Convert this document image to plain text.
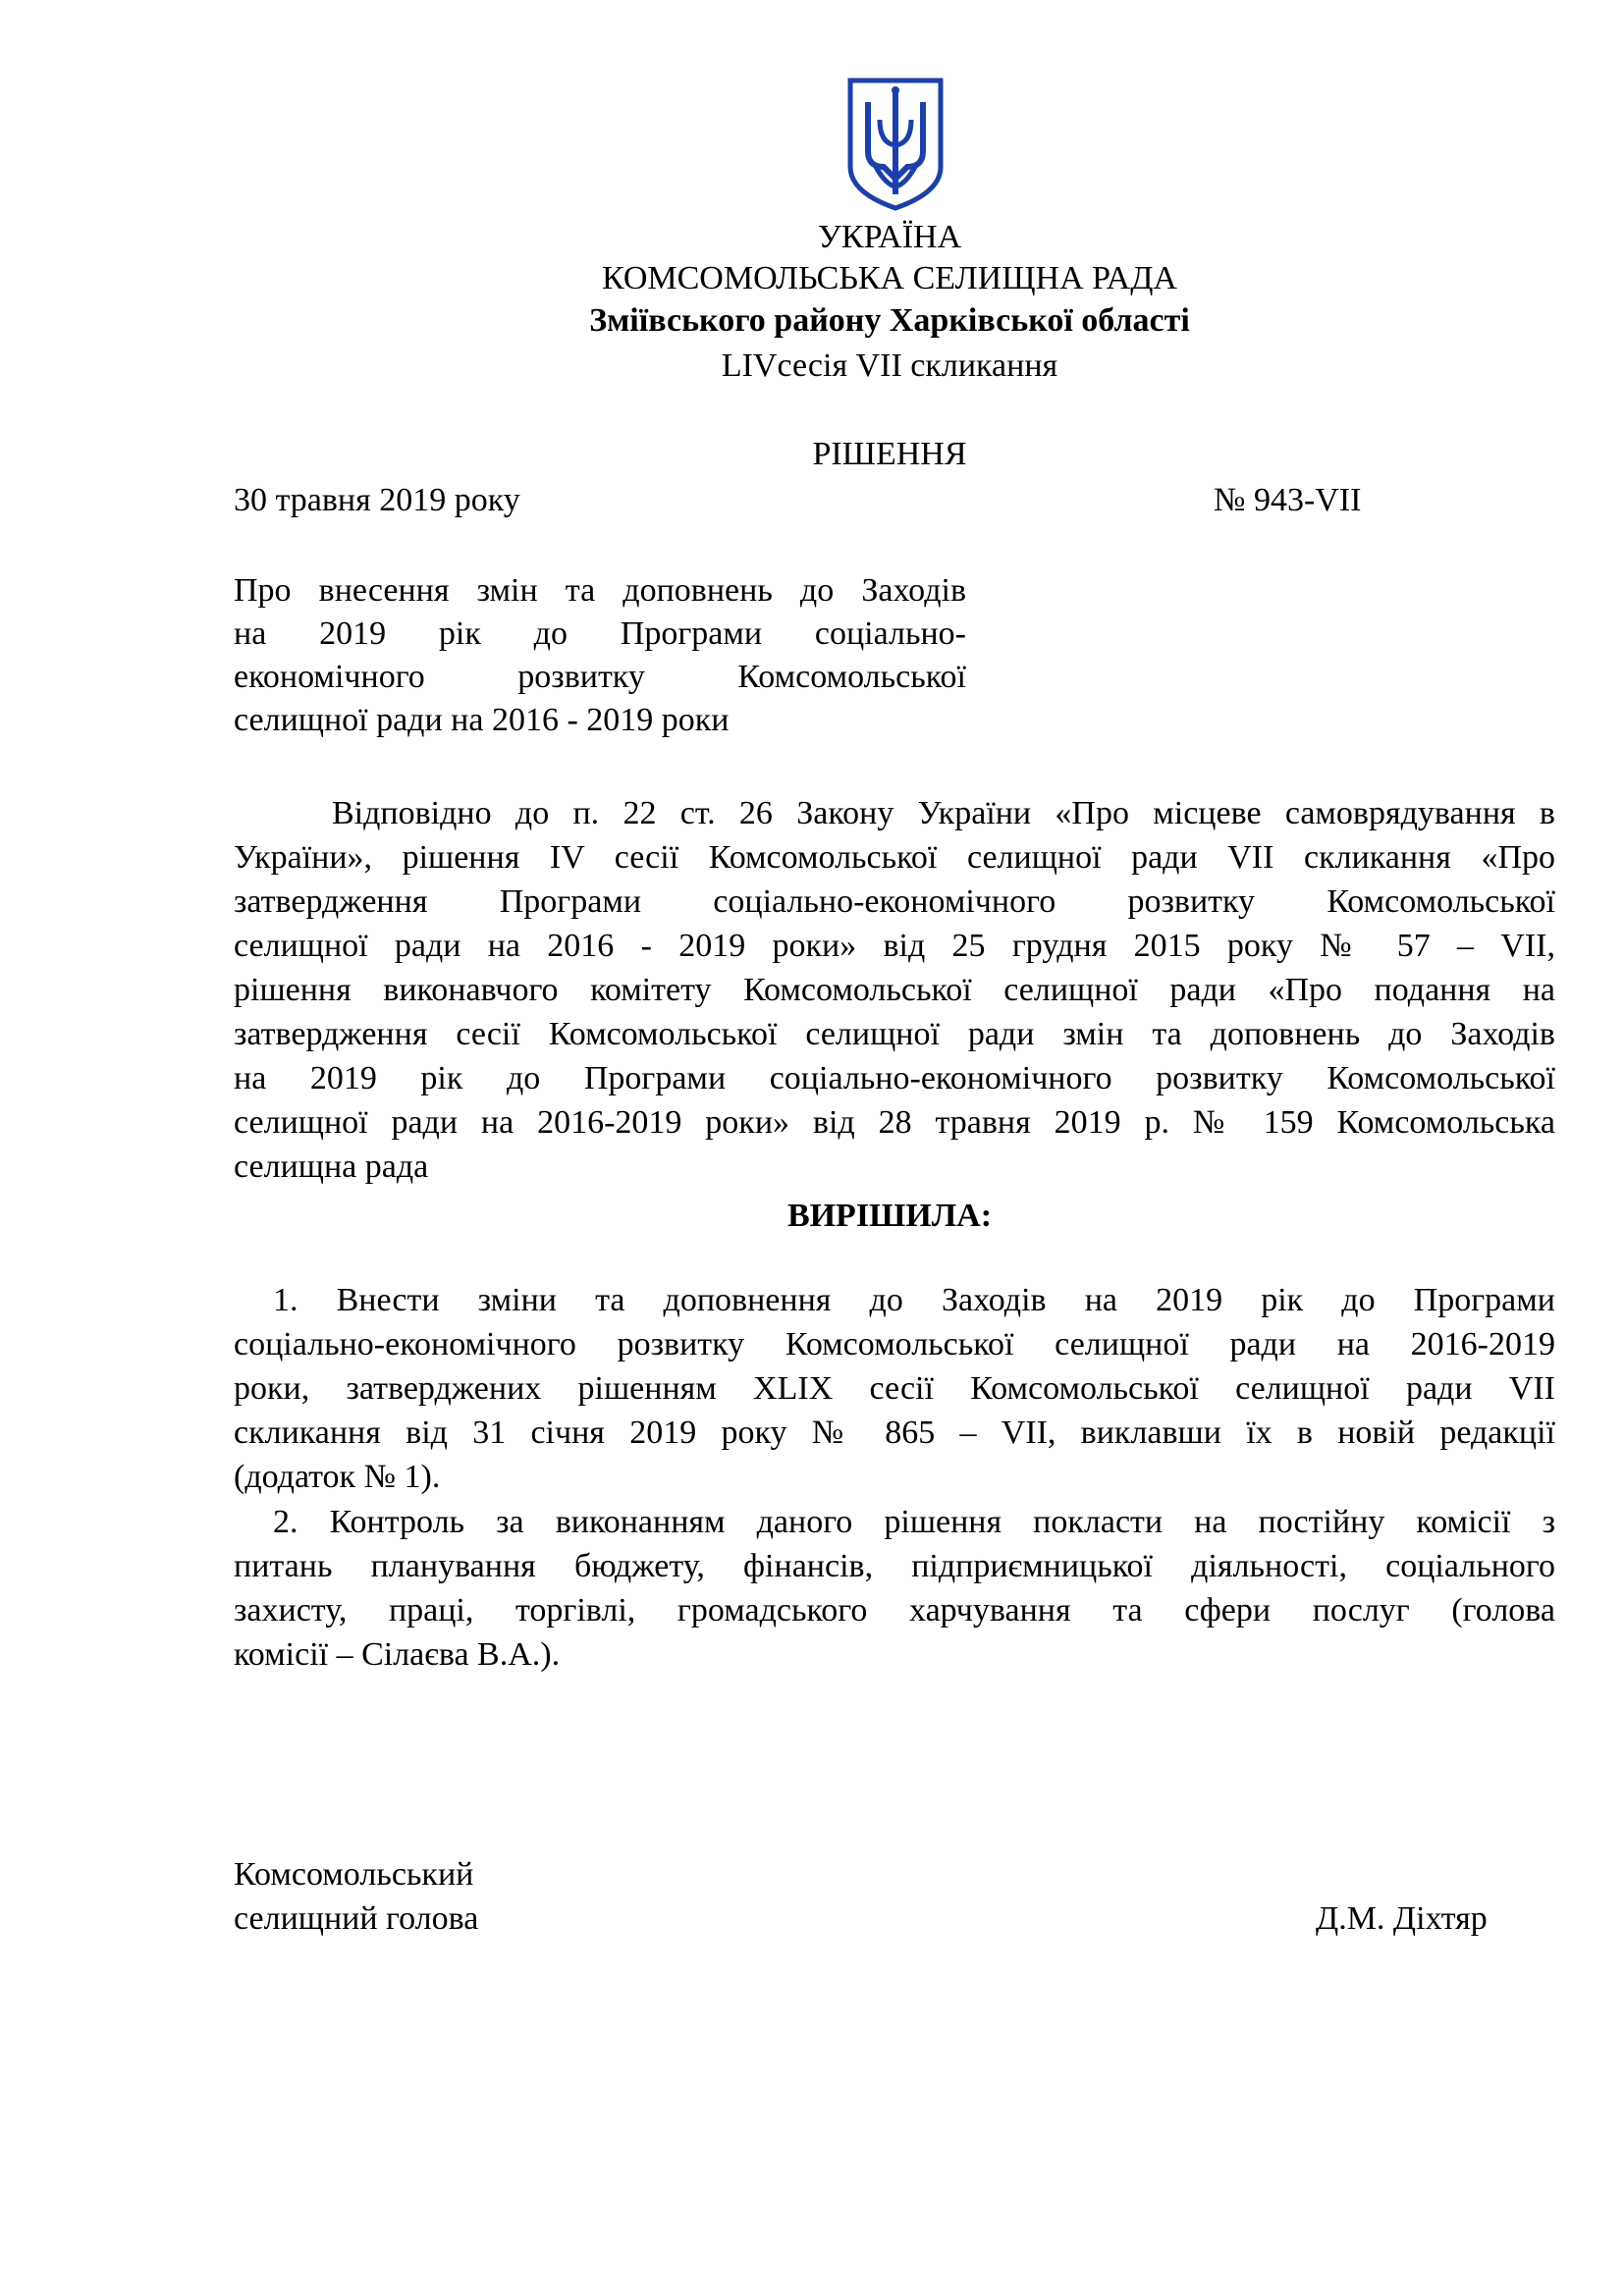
УКРАЇНА
КОМСОМОЛЬСЬКА СЕЛИЩНА РАДА
Зміївського району Харківської області
LIVсесія VII скликання
РІШЕННЯ
30 травня 2019 року	№ 943-VII
Про внесення змін та доповнень до Заходів
на 2019 рік до Програми соціально-
економічного розвитку Комсомольської
селищної ради на 2016 - 2019 роки
Відповідно до п. 22 ст. 26 Закону України «Про місцеве самоврядування в
України», рішення IV сесії Комсомольської селищної ради VII скликання «Про
затвердження Програми соціально-економічного розвитку Комсомольської
селищної ради на 2016 - 2019 роки» від 25 грудня 2015 року № 57 – VII,
рішення виконавчого комітету Комсомольської селищної ради «Про подання на
затвердження сесії Комсомольської селищної ради змін та доповнень до Заходів
на 2019 рік до Програми соціально-економічного розвитку Комсомольської
селищної ради на 2016-2019 роки» від 28 травня 2019 р. № 159 Комсомольська
селищна рада
ВИРІШИЛА:
1. Внести зміни та доповнення до Заходів на 2019 рік до Програми
соціально-економічного розвитку Комсомольської селищної ради на 2016-2019
роки, затверджених рішенням XLIX сесії Комсомольської селищної ради VII
скликання від 31 січня 2019 року № 865 – VII, виклавши їх в новій редакції
(додаток № 1).
2. Контроль за виконанням даного рішення покласти на постійну комісії з
питань планування бюджету, фінансів, підприємницької діяльності, соціального
захисту, праці, торгівлі, громадського харчування та сфери послуг (голова
комісії – Сілаєва В.А.).
Комсомольський
селищний голова	Д.М. Діхтяр
